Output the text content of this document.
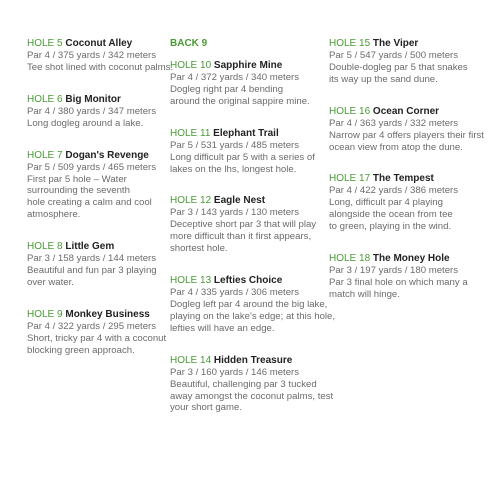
HOLE 5 Coconut Alley
Par 4 / 375 yards / 342 meters
Tee shot lined with coconut palms.
HOLE 6 Big Monitor
Par 4 / 380 yards / 347 meters
Long dogleg around a lake.
HOLE 7 Dogan's Revenge
Par 5 / 509 yards / 465 meters
First par 5 hole – Water
surrounding the seventh
hole creating a calm and cool
atmosphere.
HOLE 8 Little Gem
Par 3 / 158 yards / 144 meters
Beautiful and fun par 3 playing
over water.
HOLE 9 Monkey Business
Par 4 / 322 yards / 295 meters
Short, tricky par 4 with a coconut
blocking green approach.
BACK 9
HOLE 10 Sapphire Mine
Par 4 / 372 yards / 340 meters
Dogleg right par 4 bending
around the original sappire mine.
HOLE 11 Elephant Trail
Par 5 / 531 yards / 485 meters
Long difficult par 5 with a series of
lakes on the lhs, longest hole.
HOLE 12 Eagle Nest
Par 3 / 143 yards / 130 meters
Deceptive short par 3 that will play
more difficult than it first appears,
shortest hole.
HOLE 13 Lefties Choice
Par 4 / 335 yards / 306 meters
Dogleg left par 4 around the big lake,
playing on the lake's edge; at this hole,
lefties will have an edge.
HOLE 14 Hidden Treasure
Par 3 / 160 yards / 146 meters
Beautiful, challenging par 3 tucked
away amongst the coconut palms, test
your short game.
HOLE 15 The Viper
Par 5 / 547 yards / 500 meters
Double-dogleg par 5 that snakes
its way up the sand dune.
HOLE 16 Ocean Corner
Par 4 / 363 yards / 332 meters
Narrow par 4 offers players their first
ocean view from atop the dune.
HOLE 17 The Tempest
Par 4 / 422 yards / 386 meters
Long, difficult par 4 playing
alongside the ocean from tee
to green, playing in the wind.
HOLE 18 The Money Hole
Par 3 / 197 yards / 180 meters
Par 3 final hole on which many a
match will hinge.
